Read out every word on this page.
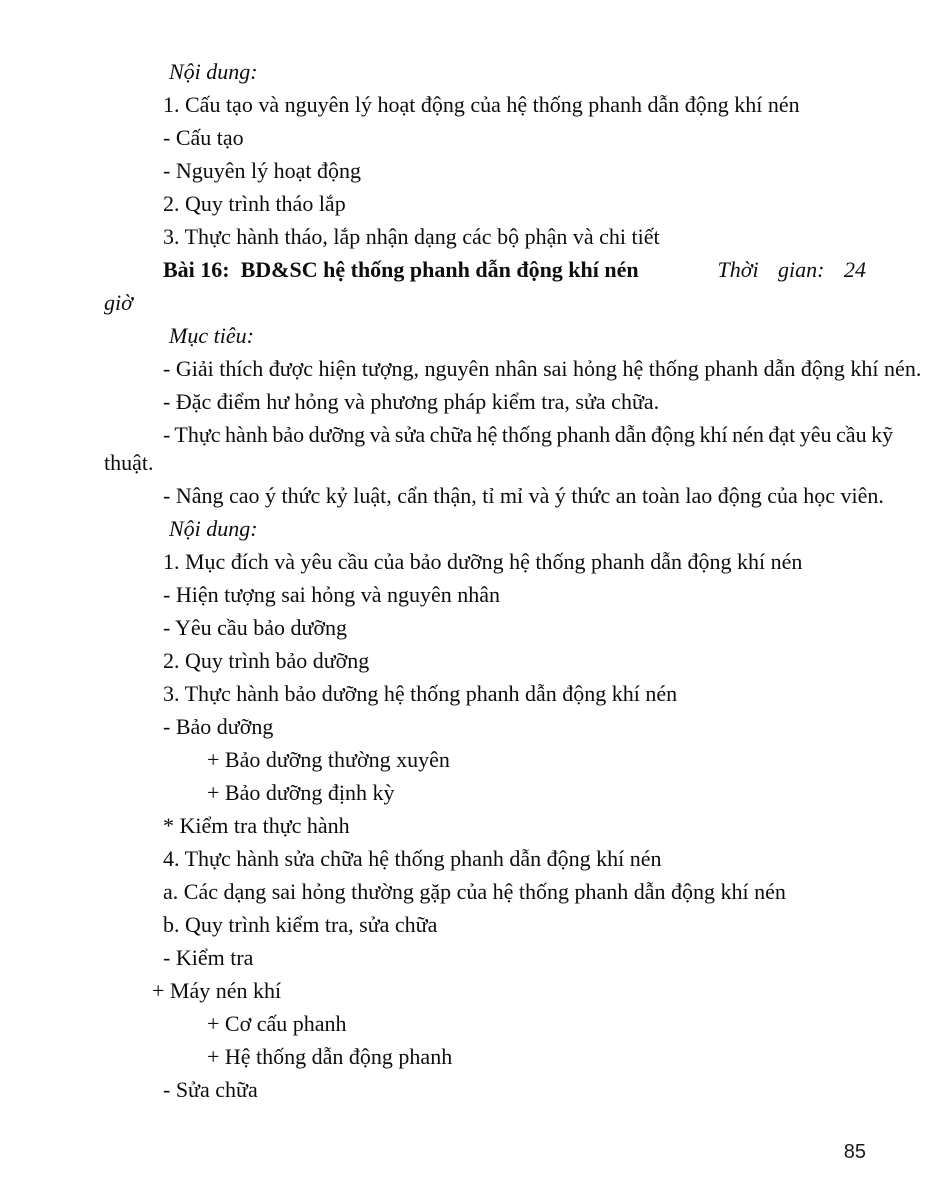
Nội dung:

1. Cấu tạo và nguyên lý hoạt động của hệ thống phanh dẫn động khí nén

- Cấu tạo

- Nguyên lý hoạt động

2. Quy trình tháo lắp

3. Thực hành tháo, lắp nhận dạng các bộ phận và chi tiết

Bài 16:  BD&SC hệ thống phanh dẫn động khí nén	Thời gian: 24

giờ

Mục tiêu:

- Giải thích được hiện tượng, nguyên nhân sai hỏng hệ thống phanh dẫn động khí nén.

- Đặc điểm hư hỏng và phương pháp kiểm tra, sửa chữa.

- Thực hành bảo dưỡng và sửa chữa hệ thống phanh dẫn động khí nén đạt yêu cầu kỹ

thuật.

- Nâng cao ý thức kỷ luật, cẩn thận, tỉ mỉ và ý thức an toàn lao động của học viên.

Nội dung:

1. Mục đích và yêu cầu của bảo dưỡng hệ thống phanh dẫn động khí nén

- Hiện tượng sai hỏng và nguyên nhân

- Yêu cầu bảo dưỡng

2. Quy trình bảo dưỡng

3. Thực hành bảo dưỡng hệ thống phanh dẫn động khí nén

- Bảo dưỡng

+ Bảo dưỡng thường xuyên

+ Bảo dưỡng định kỳ

* Kiểm tra thực hành

4. Thực hành sửa chữa hệ thống phanh dẫn động khí nén

a. Các dạng sai hỏng thường gặp của hệ thống phanh dẫn động khí nén

b. Quy trình kiểm tra, sửa chữa

- Kiểm tra

+ Máy nén khí

+ Cơ cấu phanh

+ Hệ thống dẫn động phanh

- Sửa chữa

85
